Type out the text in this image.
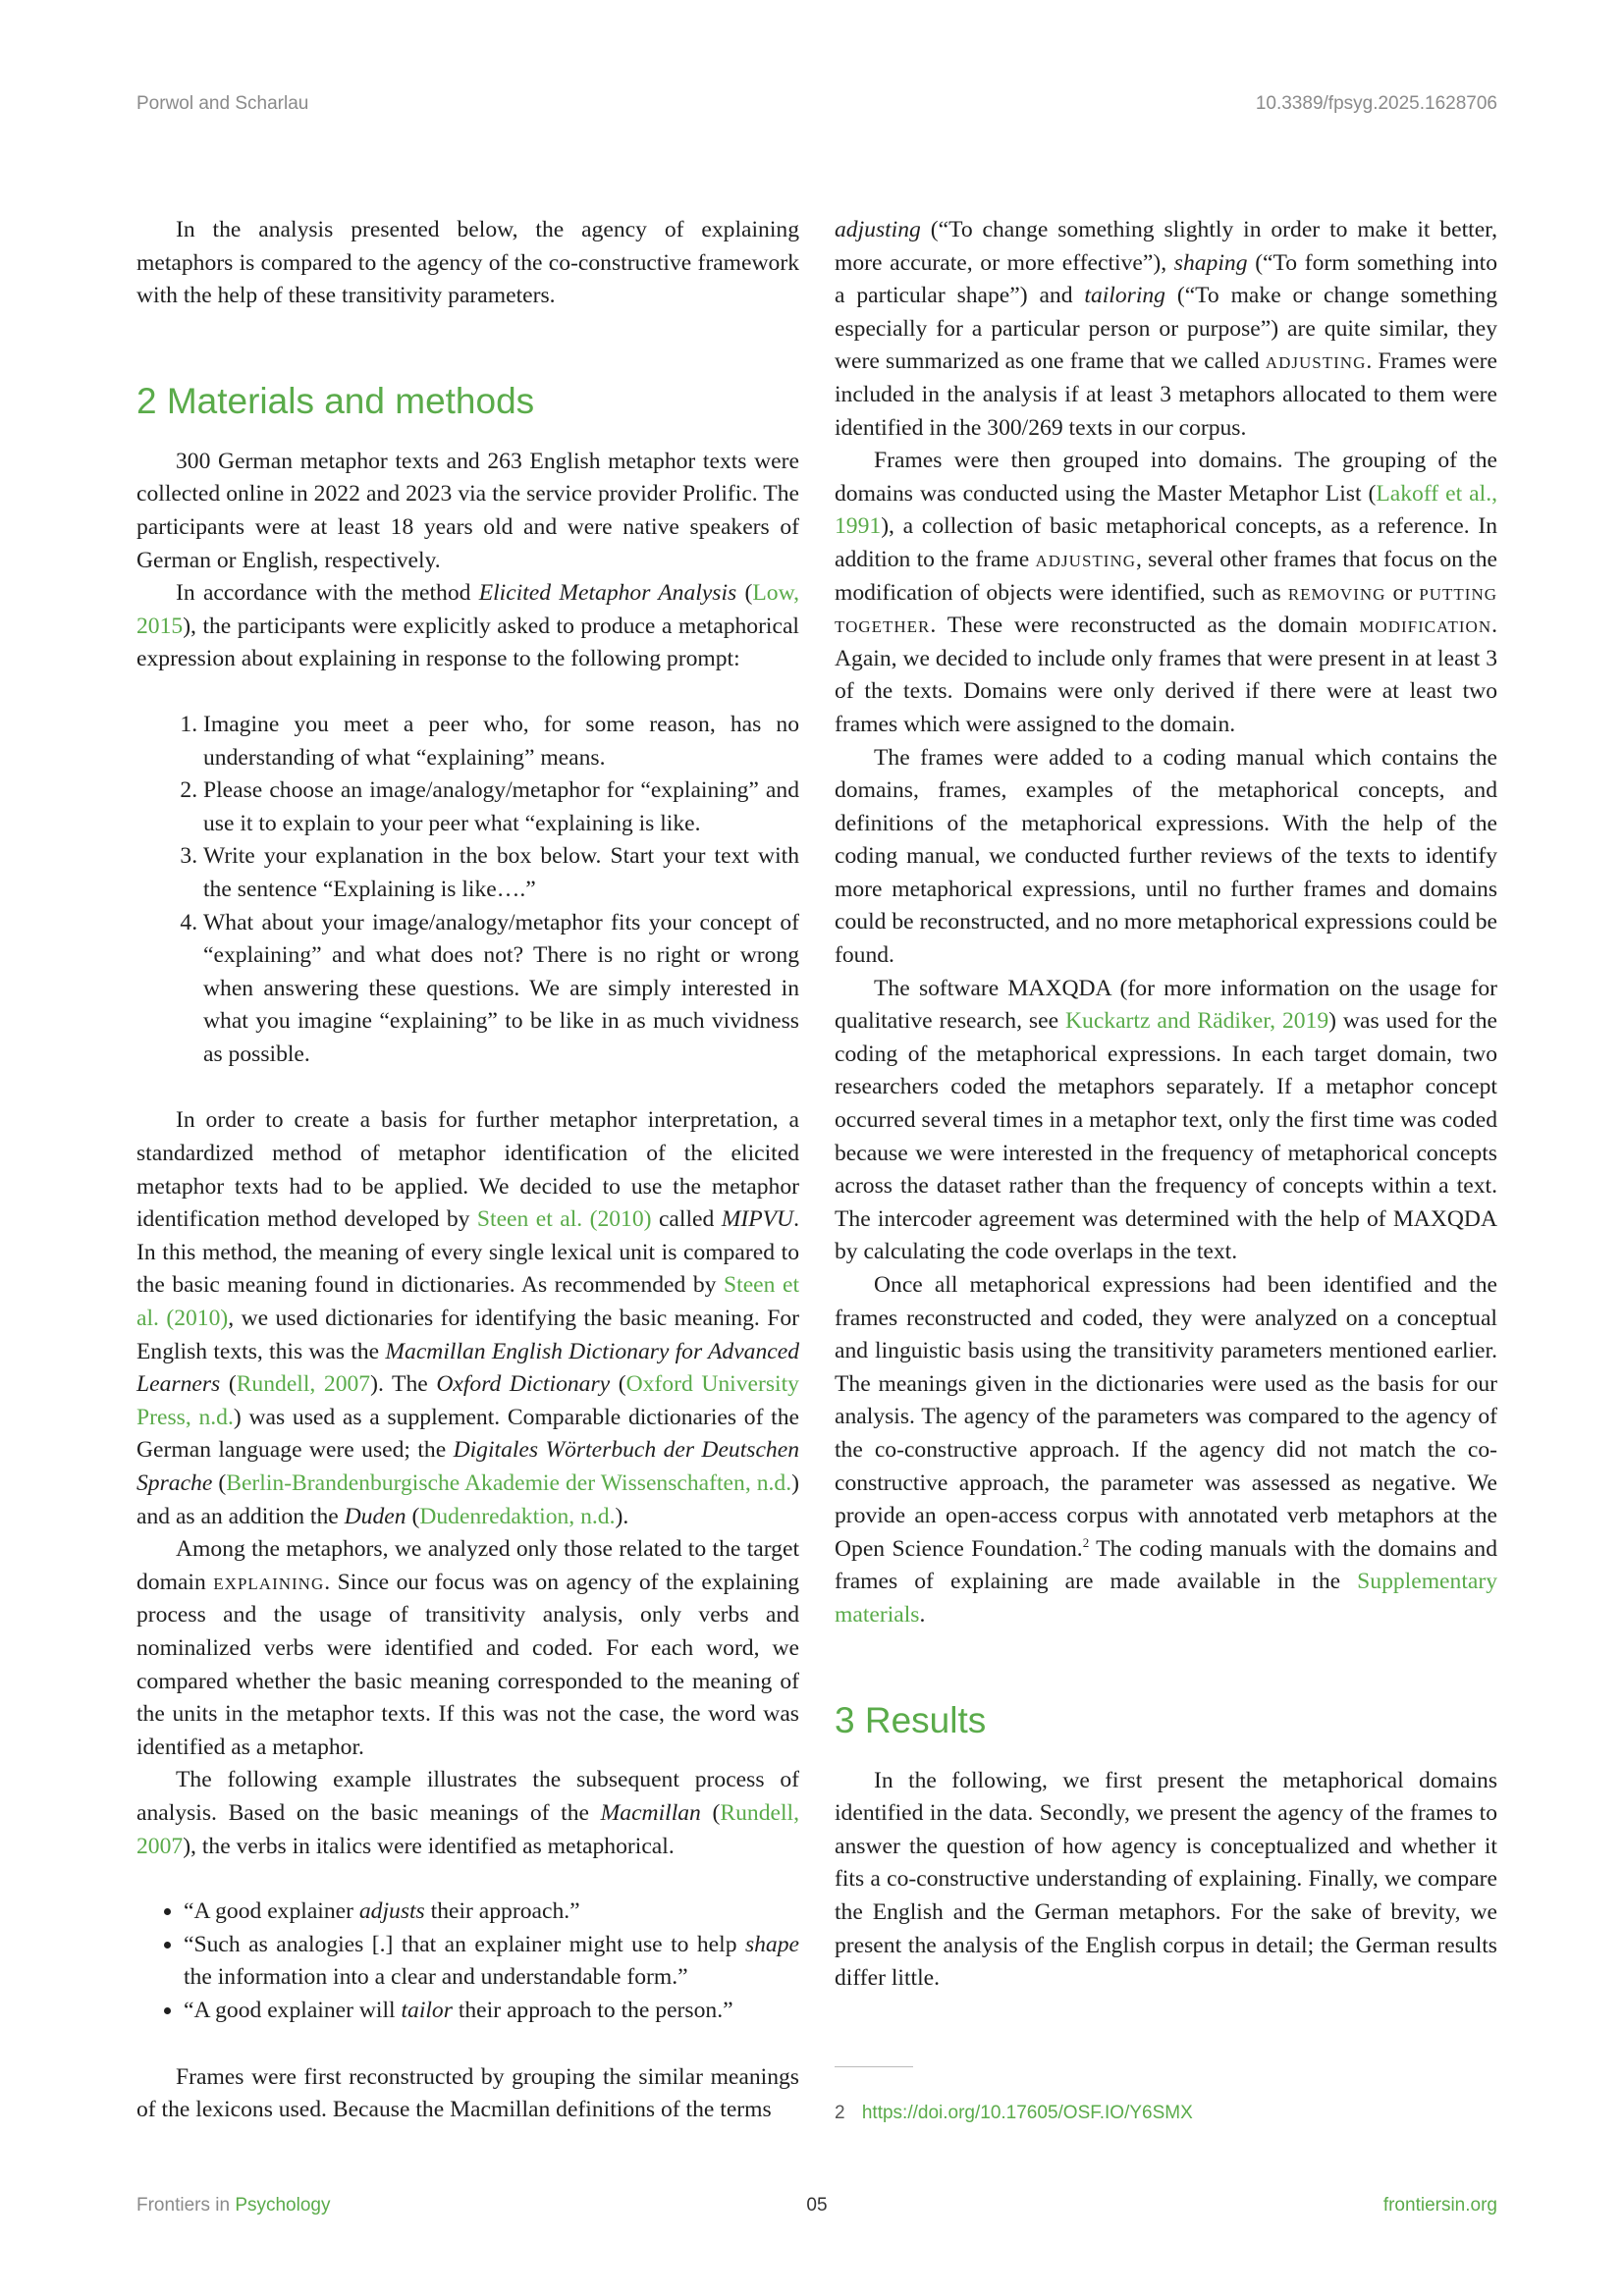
Porwol and Scharlau	10.3389/fpsyg.2025.1628706

In the analysis presented below, the agency of explaining metaphors is compared to the agency of the co-constructive framework with the help of these transitivity parameters.

2 Materials and methods

300 German metaphor texts and 263 English metaphor texts were collected online in 2022 and 2023 via the service provider Prolific. The participants were at least 18 years old and were native speakers of German or English, respectively.

In accordance with the method Elicited Metaphor Analysis (Low, 2015), the participants were explicitly asked to produce a metaphorical expression about explaining in response to the following prompt:

1. Imagine you meet a peer who, for some reason, has no understanding of what “explaining” means.
2. Please choose an image/analogy/metaphor for “explaining” and use it to explain to your peer what “explaining is like.
3. Write your explanation in the box below. Start your text with the sentence “Explaining is like….”
4. What about your image/analogy/metaphor fits your concept of “explaining” and what does not? There is no right or wrong when answering these questions. We are simply interested in what you imagine “explaining” to be like in as much vividness as possible.

In order to create a basis for further metaphor interpretation, a standardized method of metaphor identification of the elicited metaphor texts had to be applied. We decided to use the metaphor identification method developed by Steen et al. (2010) called MIPVU. In this method, the meaning of every single lexical unit is compared to the basic meaning found in dictionaries. As recommended by Steen et al. (2010), we used dictionaries for identifying the basic meaning. For English texts, this was the Macmillan English Dictionary for Advanced Learners (Rundell, 2007). The Oxford Dictionary (Oxford University Press, n.d.) was used as a supplement. Comparable dictionaries of the German language were used; the Digitales Wörterbuch der Deutschen Sprache (Berlin-Brandenburgische Akademie der Wissenschaften, n.d.) and as an addition the Duden (Dudenredaktion, n.d.).

Among the metaphors, we analyzed only those related to the target domain explaining. Since our focus was on agency of the explaining process and the usage of transitivity analysis, only verbs and nominalized verbs were identified and coded. For each word, we compared whether the basic meaning corresponded to the meaning of the units in the metaphor texts. If this was not the case, the word was identified as a metaphor.

The following example illustrates the subsequent process of analysis. Based on the basic meanings of the Macmillan (Rundell, 2007), the verbs in italics were identified as metaphorical.

• “A good explainer adjusts their approach.”
• “Such as analogies [.] that an explainer might use to help shape the information into a clear and understandable form.”
• “A good explainer will tailor their approach to the person.”

Frames were first reconstructed by grouping the similar meanings of the lexicons used. Because the Macmillan definitions of the terms

adjusting (“To change something slightly in order to make it better, more accurate, or more effective”), shaping (“To form something into a particular shape”) and tailoring (“To make or change something especially for a particular person or purpose”) are quite similar, they were summarized as one frame that we called adjusting. Frames were included in the analysis if at least 3 metaphors allocated to them were identified in the 300/269 texts in our corpus.

Frames were then grouped into domains. The grouping of the domains was conducted using the Master Metaphor List (Lakoff et al., 1991), a collection of basic metaphorical concepts, as a reference. In addition to the frame adjusting, several other frames that focus on the modification of objects were identified, such as removing or putting together. These were reconstructed as the domain modification. Again, we decided to include only frames that were present in at least 3 of the texts. Domains were only derived if there were at least two frames which were assigned to the domain.

The frames were added to a coding manual which contains the domains, frames, examples of the metaphorical concepts, and definitions of the metaphorical expressions. With the help of the coding manual, we conducted further reviews of the texts to identify more metaphorical expressions, until no further frames and domains could be reconstructed, and no more metaphorical expressions could be found.

The software MAXQDA (for more information on the usage for qualitative research, see Kuckartz and Rädiker, 2019) was used for the coding of the metaphorical expressions. In each target domain, two researchers coded the metaphors separately. If a metaphor concept occurred several times in a metaphor text, only the first time was coded because we were interested in the frequency of metaphorical concepts across the dataset rather than the frequency of concepts within a text. The intercoder agreement was determined with the help of MAXQDA by calculating the code overlaps in the text.

Once all metaphorical expressions had been identified and the frames reconstructed and coded, they were analyzed on a conceptual and linguistic basis using the transitivity parameters mentioned earlier. The meanings given in the dictionaries were used as the basis for our analysis. The agency of the parameters was compared to the agency of the co-constructive approach. If the agency did not match the co-constructive approach, the parameter was assessed as negative. We provide an open-access corpus with annotated verb metaphors at the Open Science Foundation.$^2$ The coding manuals with the domains and frames of explaining are made available in the Supplementary materials.

3 Results

In the following, we first present the metaphorical domains identified in the data. Secondly, we present the agency of the frames to answer the question of how agency is conceptualized and whether it fits a co-constructive understanding of explaining. Finally, we compare the English and the German metaphors. For the sake of brevity, we present the analysis of the English corpus in detail; the German results differ little.

2 https://doi.org/10.17605/OSF.IO/Y6SMX
Frontiers in Psychology	05	frontiersin.org
